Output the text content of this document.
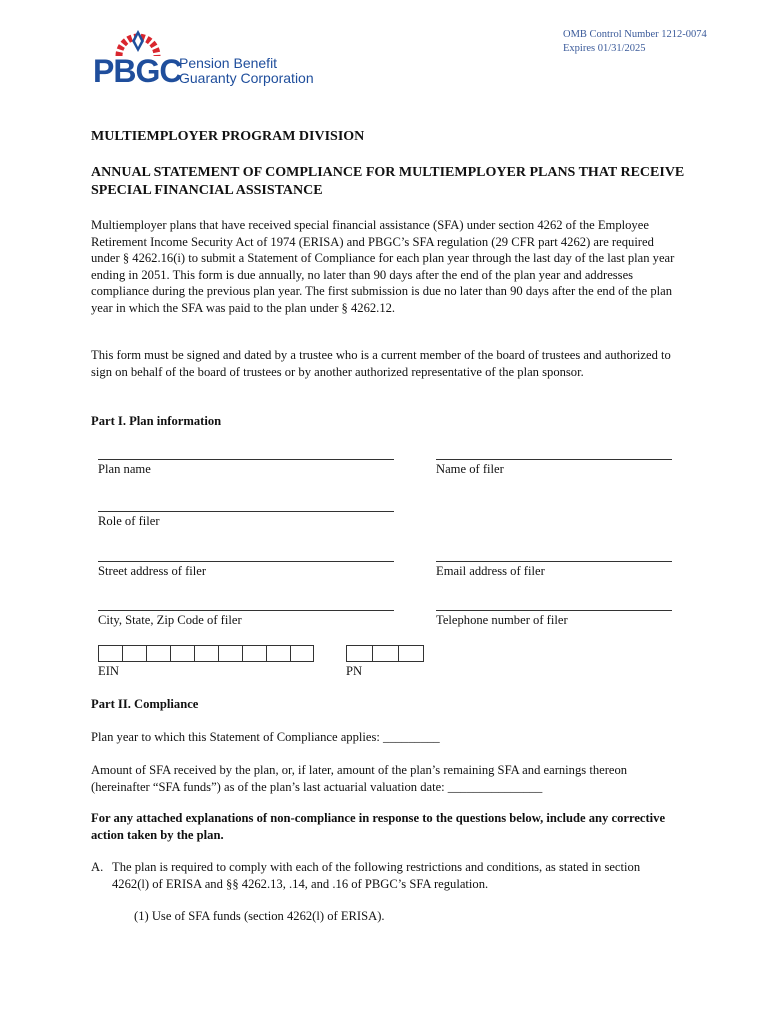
OMB Control Number 1212-0074
Expires 01/31/2025
PBGC
Pension Benefit
Guaranty Corporation
MULTIEMPLOYER PROGRAM DIVISION
ANNUAL STATEMENT OF COMPLIANCE FOR MULTIEMPLOYER PLANS THAT RECEIVE SPECIAL FINANCIAL ASSISTANCE
Multiemployer plans that have received special financial assistance (SFA) under section 4262 of the Employee Retirement Income Security Act of 1974 (ERISA) and PBGC’s SFA regulation (29 CFR part 4262) are required under § 4262.16(i) to submit a Statement of Compliance for each plan year through the last day of the last plan year ending in 2051. This form is due annually, no later than 90 days after the end of the plan year and addresses compliance during the previous plan year. The first submission is due no later than 90 days after the end of the plan year in which the SFA was paid to the plan under § 4262.12.
This form must be signed and dated by a trustee who is a current member of the board of trustees and authorized to sign on behalf of the board of trustees or by another authorized representative of the plan sponsor.
Part I. Plan information
Plan name	Name of filer
Role of filer
Street address of filer	Email address of filer
City, State, Zip Code of filer	Telephone number of filer
EIN	PN
Part II. Compliance
Plan year to which this Statement of Compliance applies: _________
Amount of SFA received by the plan, or, if later, amount of the plan’s remaining SFA and earnings thereon (hereinafter “SFA funds”) as of the plan’s last actuarial valuation date: _______________
For any attached explanations of non-compliance in response to the questions below, include any corrective action taken by the plan.
A. The plan is required to comply with each of the following restrictions and conditions, as stated in section 4262(l) of ERISA and §§ 4262.13, .14, and .16 of PBGC’s SFA regulation.
(1) Use of SFA funds (section 4262(l) of ERISA).
